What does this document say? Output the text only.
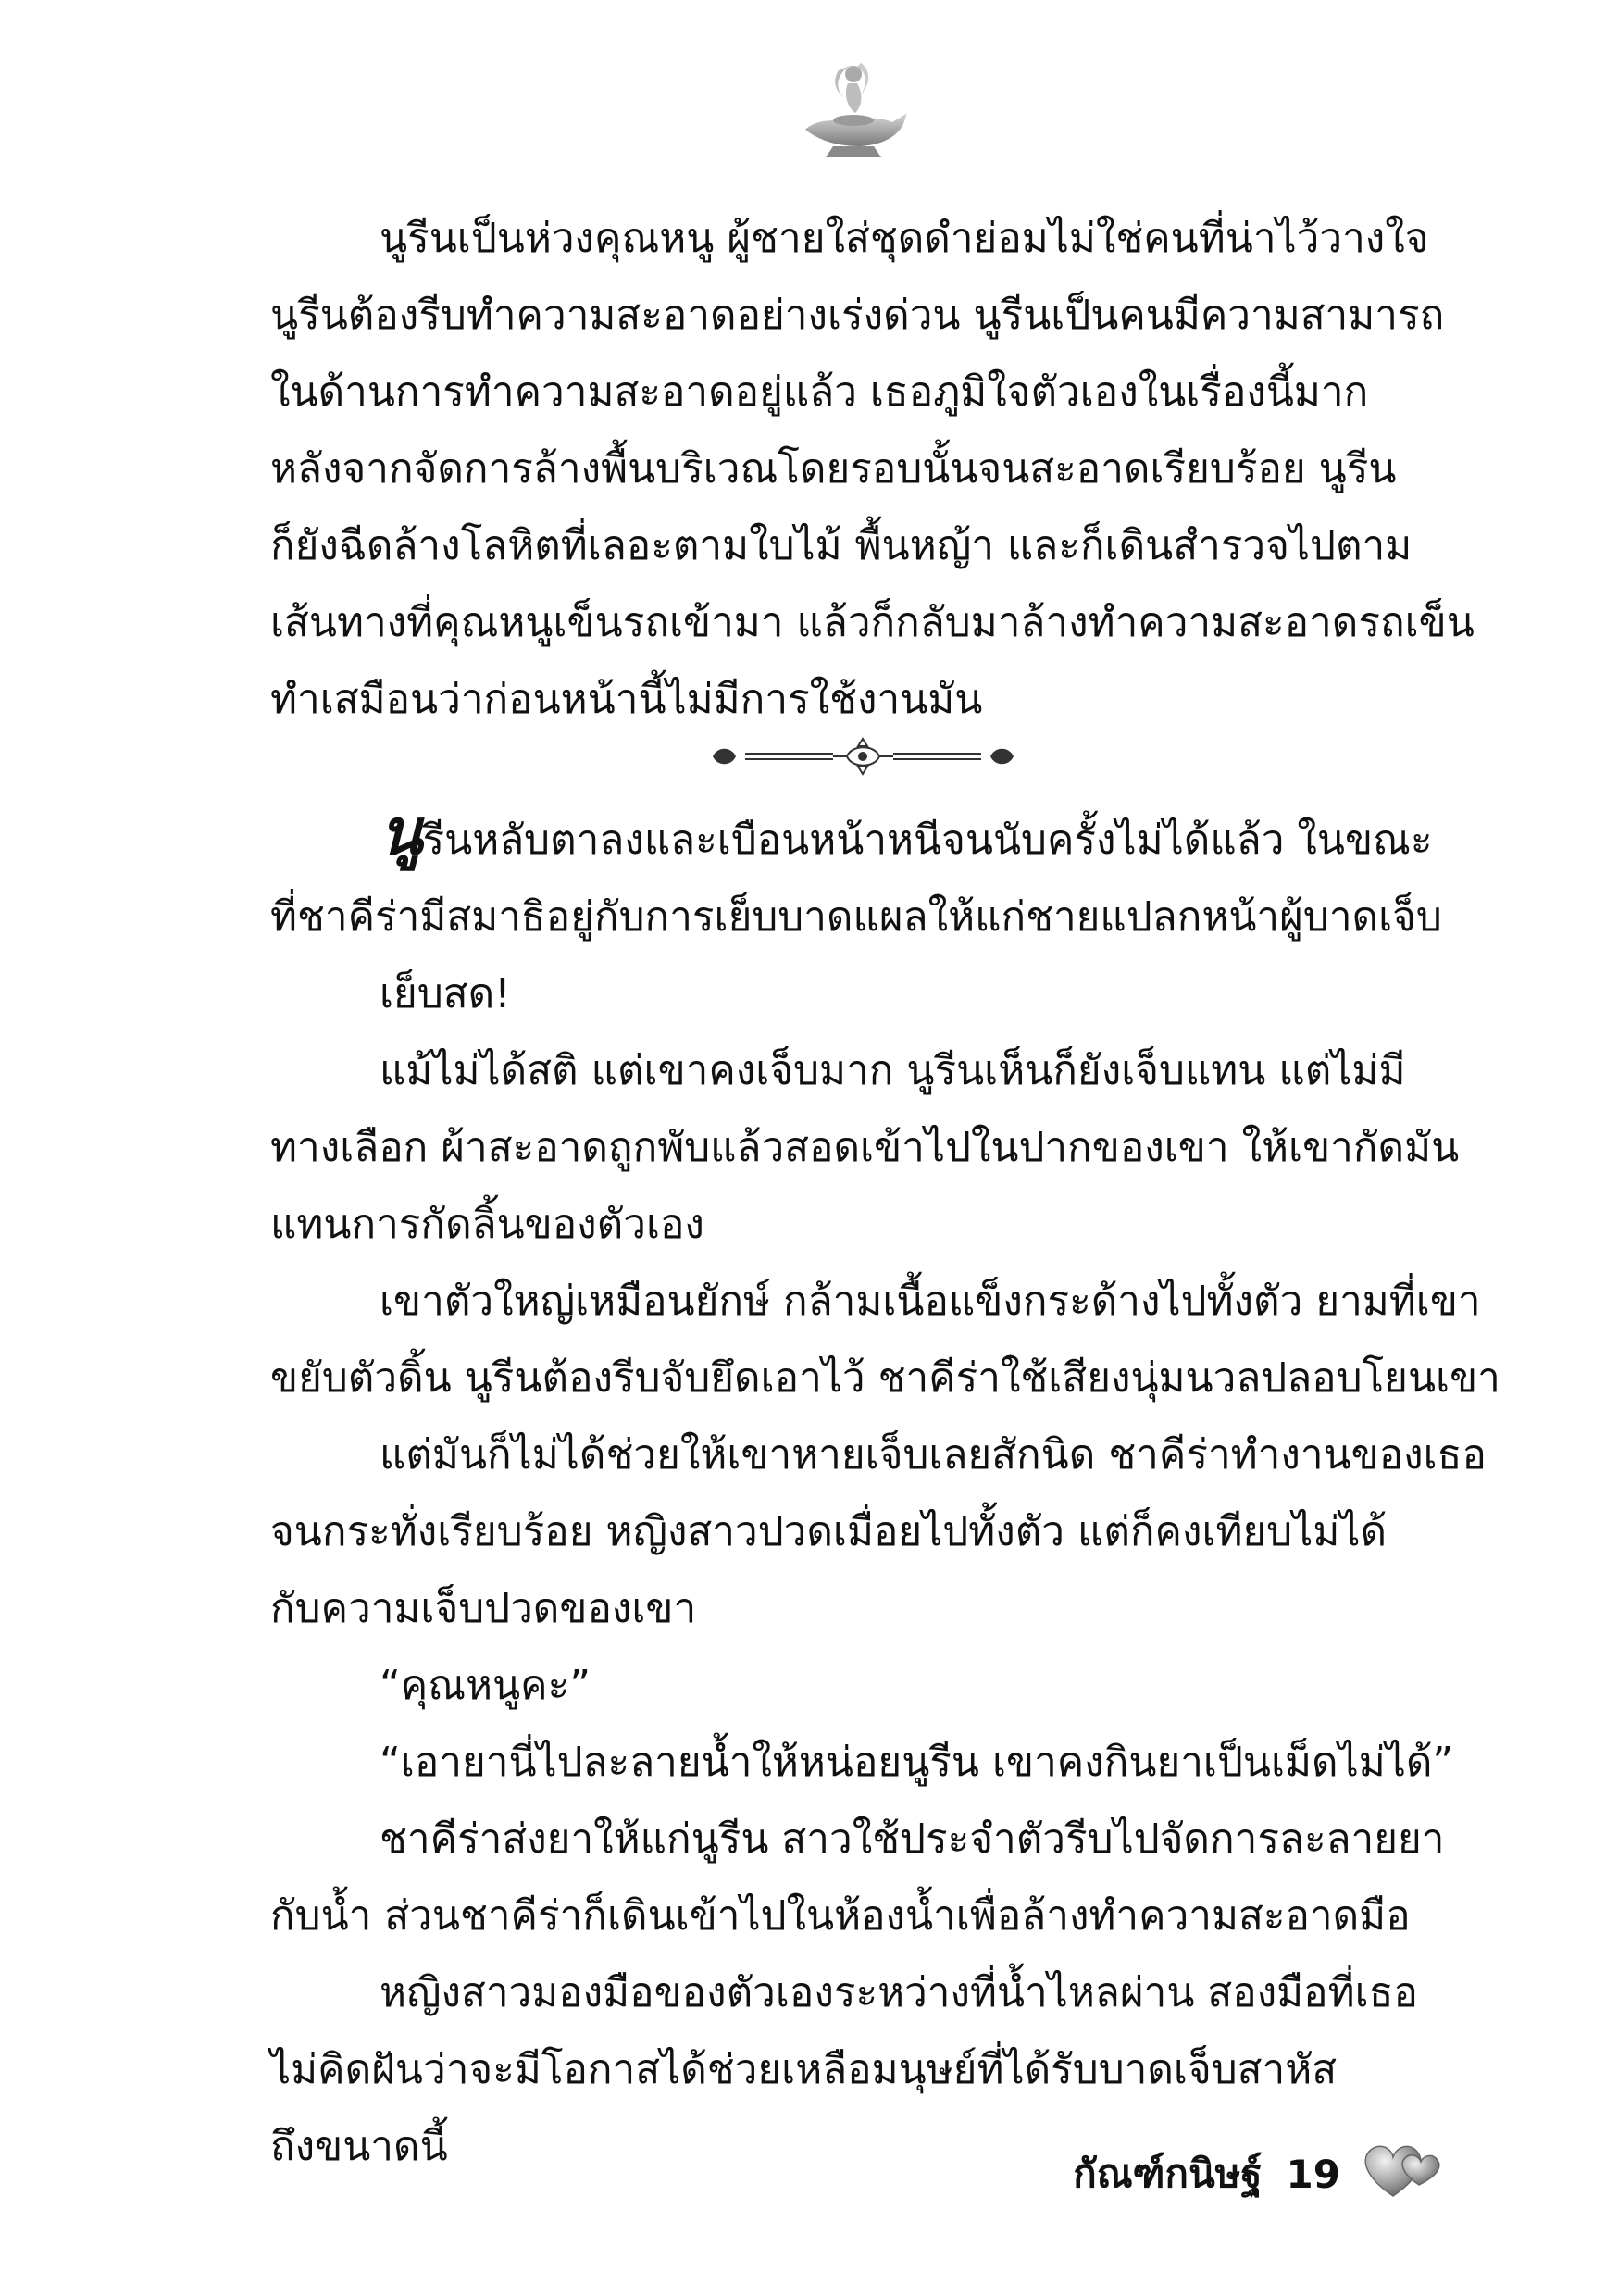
นูรีนเป็นห่วงคุณหนู ผู้ชายใส่ชุดดำย่อมไม่ใช่คนที่น่าไว้วางใจ

นูรีนต้องรีบทำความสะอาดอย่างเร่งด่วน นูรีนเป็นคนมีความสามารถ

ในด้านการทำความสะอาดอยู่แล้ว เธอภูมิใจตัวเองในเรื่องนี้มาก

หลังจากจัดการล้างพื้นบริเวณโดยรอบนั้นจนสะอาดเรียบร้อย นูรีน

ก็ยังฉีดล้างโลหิตที่เลอะตามใบไม้ พื้นหญ้า และก็เดินสำรวจไปตาม

เส้นทางที่คุณหนูเข็นรถเข้ามา แล้วก็กลับมาล้างทำความสะอาดรถเข็น

ทำเสมือนว่าก่อนหน้านี้ไม่มีการใช้งานมัน

นูรีนหลับตาลงและเบือนหน้าหนีจนนับครั้งไม่ได้แล้ว ในขณะ

ที่ชาคีร่ามีสมาธิอยู่กับการเย็บบาดแผลให้แก่ชายแปลกหน้าผู้บาดเจ็บ

เย็บสด!

แม้ไม่ได้สติ แต่เขาคงเจ็บมาก นูรีนเห็นก็ยังเจ็บแทน แต่ไม่มี

ทางเลือก ผ้าสะอาดถูกพับแล้วสอดเข้าไปในปากของเขา ให้เขากัดมัน

แทนการกัดลิ้นของตัวเอง

เขาตัวใหญ่เหมือนยักษ์ กล้ามเนื้อแข็งกระด้างไปทั้งตัว ยามที่เขา

ขยับตัวดิ้น นูรีนต้องรีบจับยึดเอาไว้ ชาคีร่าใช้เสียงนุ่มนวลปลอบโยนเขา

แต่มันก็ไม่ได้ช่วยให้เขาหายเจ็บเลยสักนิด ชาคีร่าทำงานของเธอ

จนกระทั่งเรียบร้อย หญิงสาวปวดเมื่อยไปทั้งตัว แต่ก็คงเทียบไม่ได้

กับความเจ็บปวดของเขา

“คุณหนูคะ”

“เอายานี่ไปละลายน้ำให้หน่อยนูรีน เขาคงกินยาเป็นเม็ดไม่ได้”

ชาคีร่าส่งยาให้แก่นูรีน สาวใช้ประจำตัวรีบไปจัดการละลายยา

กับน้ำ ส่วนชาคีร่าก็เดินเข้าไปในห้องน้ำเพื่อล้างทำความสะอาดมือ

หญิงสาวมองมือของตัวเองระหว่างที่น้ำไหลผ่าน สองมือที่เธอ

ไม่คิดฝันว่าจะมีโอกาสได้ช่วยเหลือมนุษย์ที่ได้รับบาดเจ็บสาหัส

ถึงขนาดนี้

กัณฑ์กนิษฐ์ 19
